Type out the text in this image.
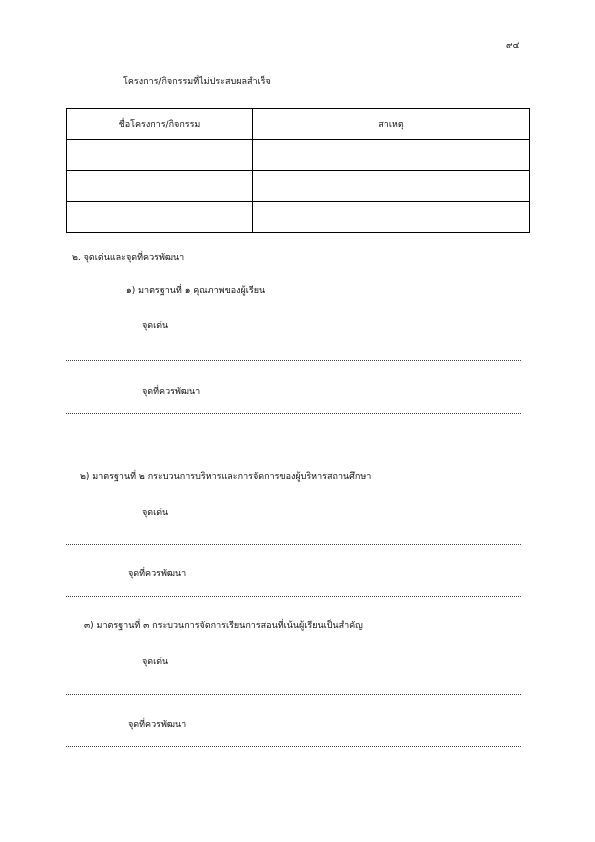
๙๔
โครงการ/กิจกรรมที่ไม่ประสบผลสำเร็จ
ชื่อโครงการ/กิจกรรม	สาเหตุ

๒. จุดเด่นและจุดที่ควรพัฒนา
๑) มาตรฐานที่ ๑ คุณภาพของผู้เรียน
จุดเด่น
จุดที่ควรพัฒนา
๒) มาตรฐานที่ ๒ กระบวนการบริหารและการจัดการของผู้บริหารสถานศึกษา
จุดเด่น
จุดที่ควรพัฒนา
๓) มาตรฐานที่ ๓ กระบวนการจัดการเรียนการสอนที่เน้นผู้เรียนเป็นสำคัญ
จุดเด่น
จุดที่ควรพัฒนา
